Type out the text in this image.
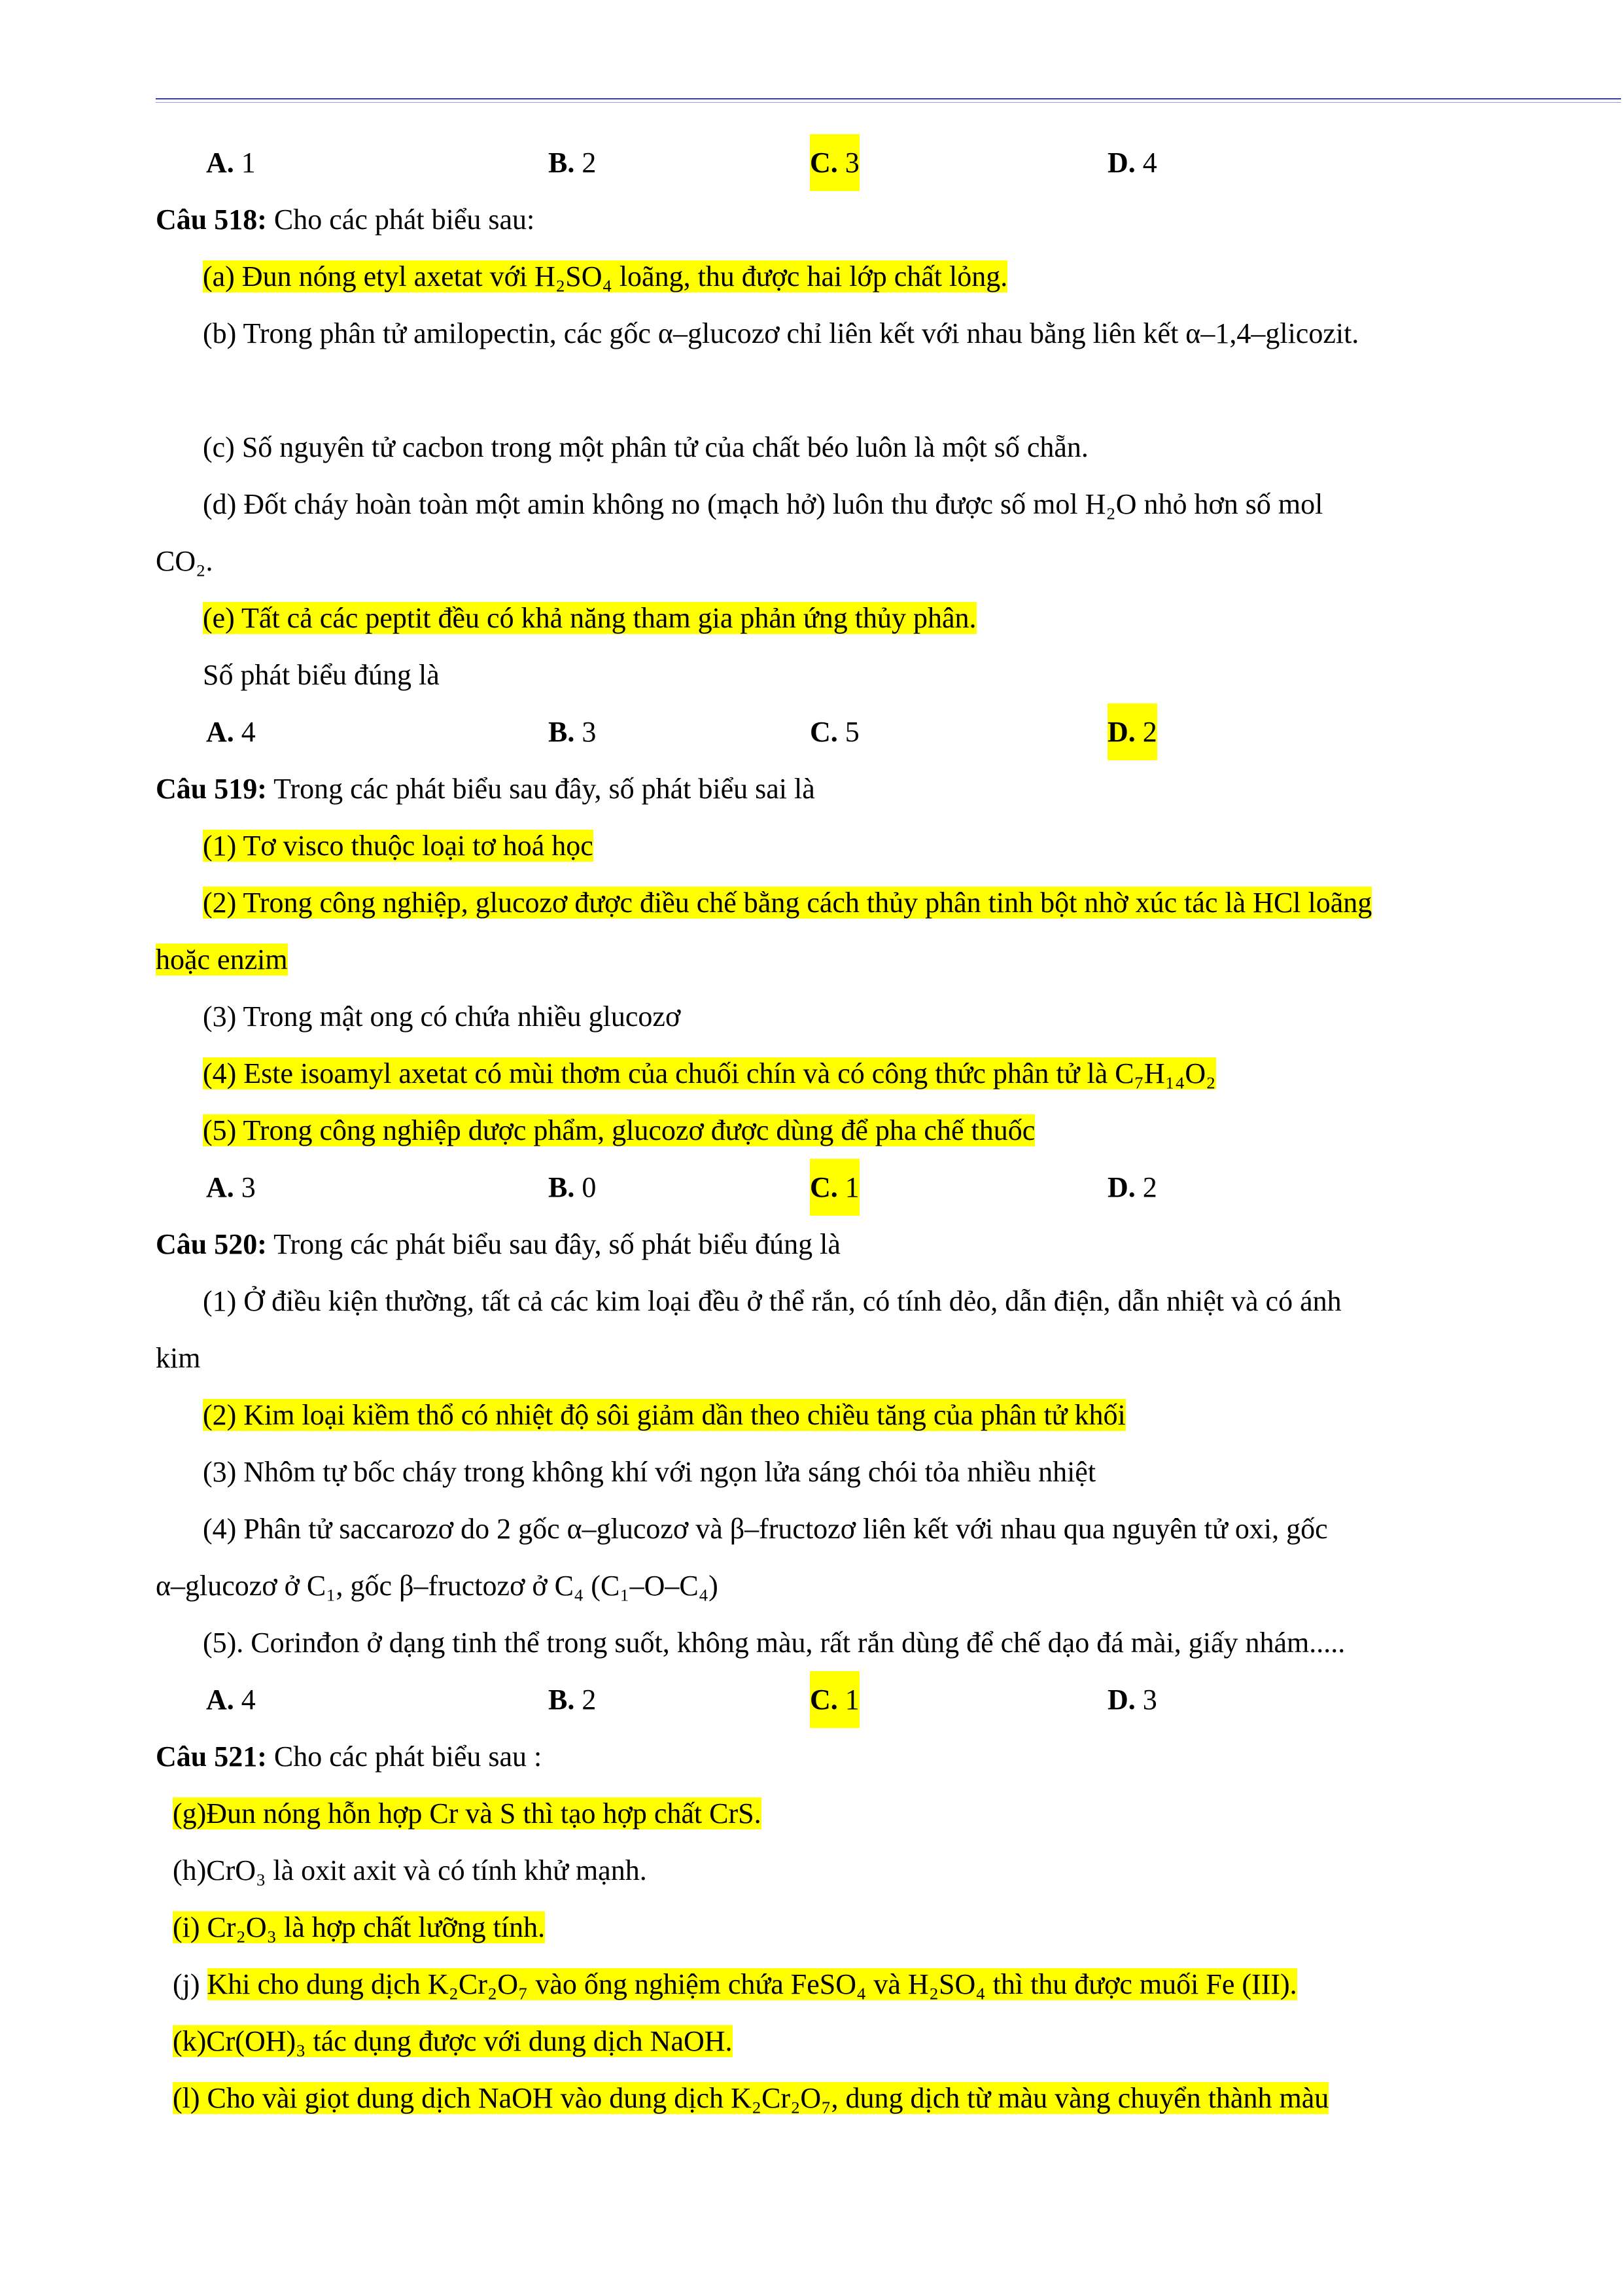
A. 1	B. 2	C. 3	D. 4
Câu 518: Cho các phát biểu sau:
(a) Đun nóng etyl axetat với H₂SO₄ loãng, thu được hai lớp chất lỏng.
(b) Trong phân tử amilopectin, các gốc α–glucozơ chỉ liên kết với nhau bằng liên kết α–1,4–glicozit.
(c) Số nguyên tử cacbon trong một phân tử của chất béo luôn là một số chẵn.
(d) Đốt cháy hoàn toàn một amin không no (mạch hở) luôn thu được số mol H₂O nhỏ hơn số mol
CO₂.
(e) Tất cả các peptit đều có khả năng tham gia phản ứng thủy phân.
Số phát biểu đúng là
A. 4	B. 3	C. 5	D. 2
Câu 519: Trong các phát biểu sau đây, số phát biểu sai là
(1) Tơ visco thuộc loại tơ hoá học
(2) Trong công nghiệp, glucozơ được điều chế bằng cách thủy phân tinh bột nhờ xúc tác là HCl loãng
hoặc enzim
(3) Trong mật ong có chứa nhiều glucozơ
(4) Este isoamyl axetat có mùi thơm của chuối chín và có công thức phân tử là C₇H₁₄O₂
(5) Trong công nghiệp dược phẩm, glucozơ được dùng để pha chế thuốc
A. 3	B. 0	C. 1	D. 2
Câu 520: Trong các phát biểu sau đây, số phát biểu đúng là
(1) Ở điều kiện thường, tất cả các kim loại đều ở thể rắn, có tính dẻo, dẫn điện, dẫn nhiệt và có ánh
kim
(2) Kim loại kiềm thổ có nhiệt độ sôi giảm dần theo chiều tăng của phân tử khối
(3) Nhôm tự bốc cháy trong không khí với ngọn lửa sáng chói tỏa nhiều nhiệt
(4) Phân tử saccarozơ do 2 gốc α–glucozơ và β–fructozơ liên kết với nhau qua nguyên tử oxi, gốc
α–glucozơ ở C₁, gốc β–fructozơ ở C₄ (C₁–O–C₄)
(5). Corinđon ở dạng tinh thể trong suốt, không màu, rất rắn dùng để chế dạo đá mài, giấy nhám.....
A. 4	B. 2	C. 1	D. 3
Câu 521: Cho các phát biểu sau :
(g)Đun nóng hỗn hợp Cr và S thì tạo hợp chất CrS.
(h)CrO₃ là oxit axit và có tính khử mạnh.
(i) Cr₂O₃ là hợp chất lưỡng tính.
(j) Khi cho dung dịch K₂Cr₂O₇ vào ống nghiệm chứa FeSO₄ và H₂SO₄ thì thu được muối Fe (III).
(k)Cr(OH)₃ tác dụng được với dung dịch NaOH.
(l) Cho vài giọt dung dịch NaOH vào dung dịch K₂Cr₂O₇, dung dịch từ màu vàng chuyển thành màu
